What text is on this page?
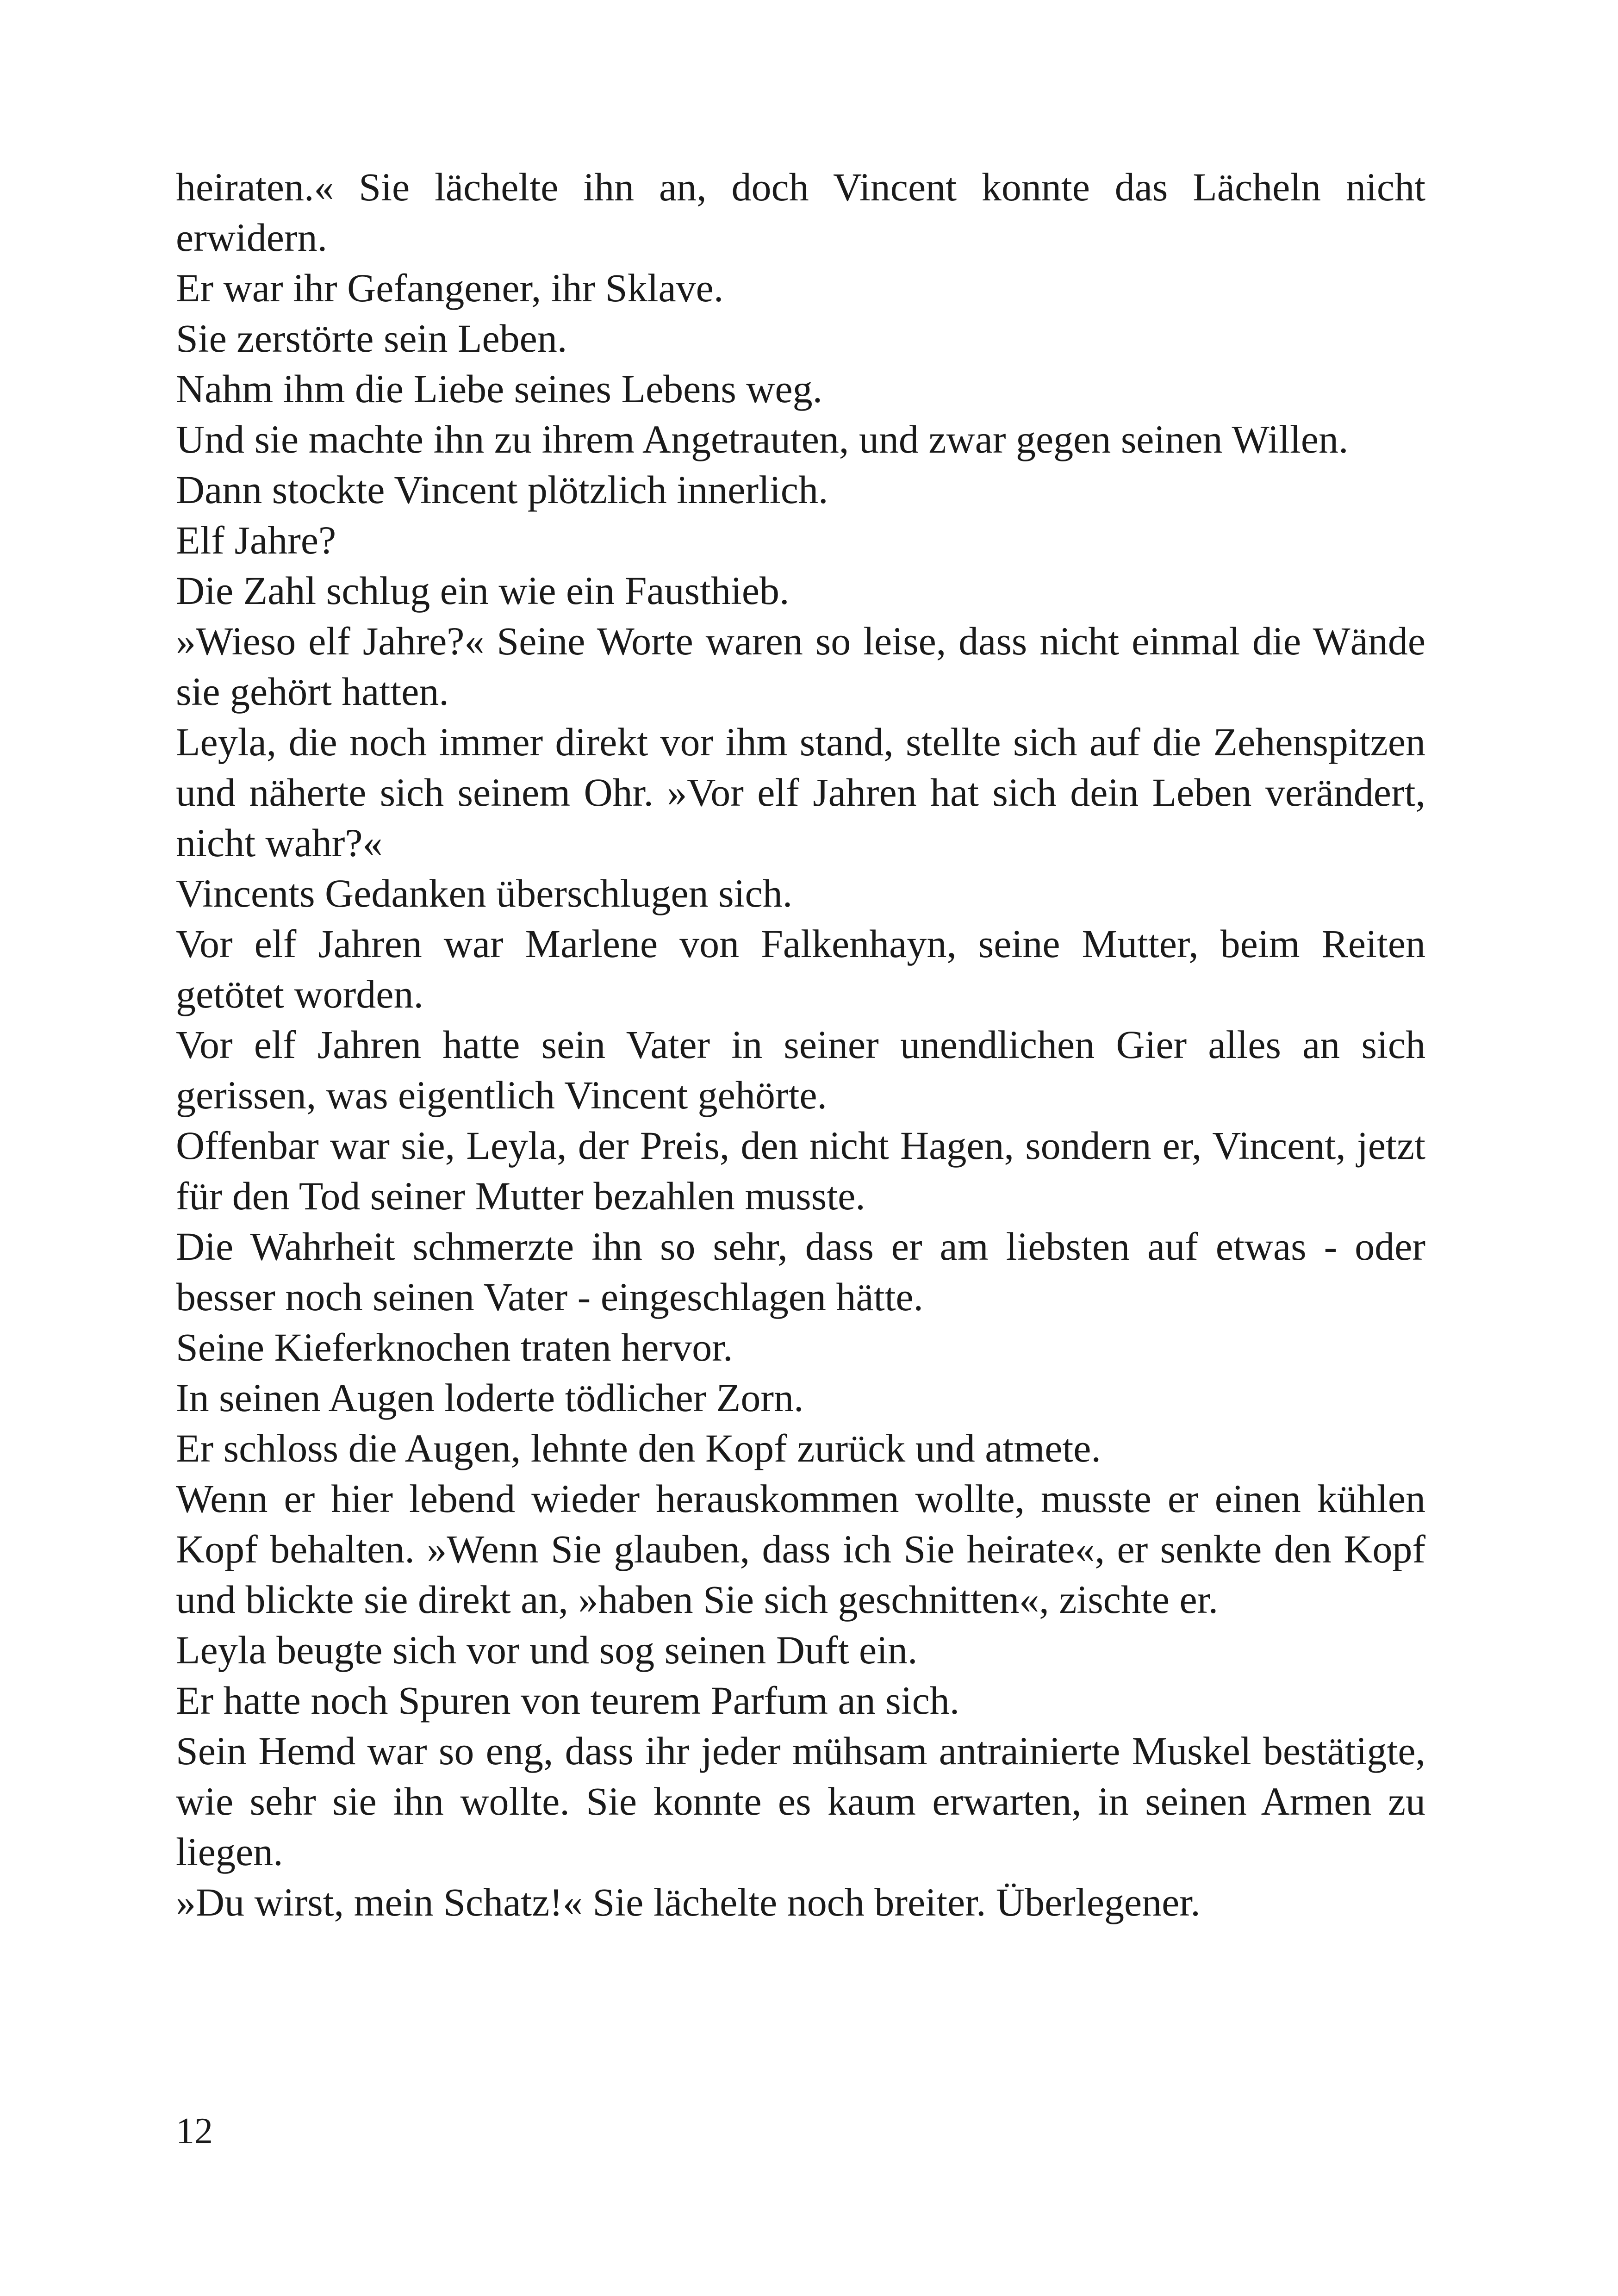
heiraten.« Sie lächelte ihn an, doch Vincent konnte das Lächeln nicht erwidern.

Er war ihr Gefangener, ihr Sklave.

Sie zerstörte sein Leben.

Nahm ihm die Liebe seines Lebens weg.

Und sie machte ihn zu ihrem Angetrauten, und zwar gegen seinen Willen.

Dann stockte Vincent plötzlich innerlich.

Elf Jahre?

Die Zahl schlug ein wie ein Fausthieb.

»Wieso elf Jahre?« Seine Worte waren so leise, dass nicht einmal die Wände sie gehört hatten.

Leyla, die noch immer direkt vor ihm stand, stellte sich auf die Zehenspitzen und näherte sich seinem Ohr. »Vor elf Jahren hat sich dein Leben verändert, nicht wahr?«

Vincents Gedanken überschlugen sich.

Vor elf Jahren war Marlene von Falkenhayn, seine Mutter, beim Reiten getötet worden.

Vor elf Jahren hatte sein Vater in seiner unendlichen Gier alles an sich gerissen, was eigentlich Vincent gehörte.

Offenbar war sie, Leyla, der Preis, den nicht Hagen, sondern er, Vincent, jetzt für den Tod seiner Mutter bezahlen musste.

Die Wahrheit schmerzte ihn so sehr, dass er am liebsten auf etwas - oder besser noch seinen Vater - eingeschlagen hätte.

Seine Kieferknochen traten hervor.

In seinen Augen loderte tödlicher Zorn.

Er schloss die Augen, lehnte den Kopf zurück und atmete.

Wenn er hier lebend wieder herauskommen wollte, musste er einen kühlen Kopf behalten. »Wenn Sie glauben, dass ich Sie heirate«, er senkte den Kopf und blickte sie direkt an, »haben Sie sich geschnitten«, zischte er.

Leyla beugte sich vor und sog seinen Duft ein.

Er hatte noch Spuren von teurem Parfum an sich.

Sein Hemd war so eng, dass ihr jeder mühsam antrainierte Muskel bestätigte, wie sehr sie ihn wollte. Sie konnte es kaum erwarten, in seinen Armen zu liegen.

»Du wirst, mein Schatz!« Sie lächelte noch breiter. Überlegener.

12
